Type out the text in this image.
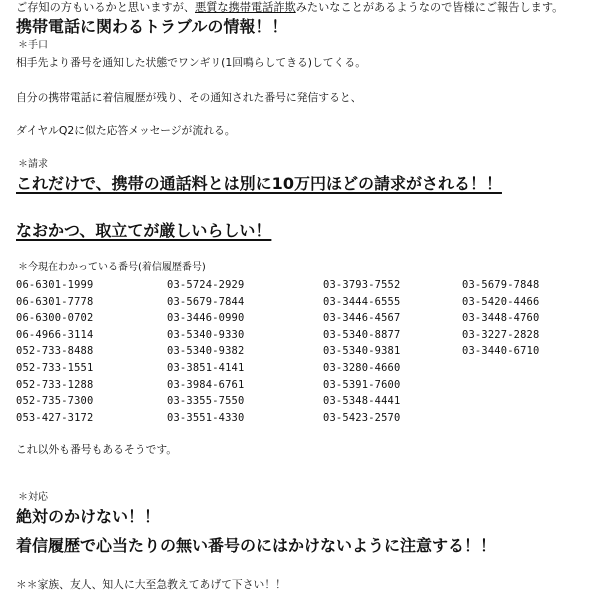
ご存知の方もいるかと思いますが、悪質な携帯電話詐欺みたいなことがあるようなので皆様にご報告します。
携帯電話に関わるトラブルの情報！！
＊手口
相手先より番号を通知した状態でワンギリ(1回鳴らしてきる)してくる。
自分の携帯電話に着信履歴が残り、その通知された番号に発信すると、
ダイヤルQ2に似た応答メッセージが流れる。
＊請求
これだけで、携帯の通話料とは別に10万円ほどの請求がされる！！
なおかつ、取立てが厳しいらしい！
＊今現在わかっている番号(着信履歴番号)
06-6301-1999
06-6301-7778
06-6300-0702
06-4966-3114
052-733-8488
052-733-1551
052-733-1288
052-735-7300
053-427-3172
03-5724-2929
03-5679-7844
03-3446-0990
03-5340-9330
03-5340-9382
03-3851-4141
03-3984-6761
03-3355-7550
03-3551-4330
03-3793-7552
03-3444-6555
03-3446-4567
03-5340-8877
03-5340-9381
03-3280-4660
03-5391-7600
03-5348-4441
03-5423-2570
03-5679-7848
03-5420-4466
03-3448-4760
03-3227-2828
03-3440-6710
これ以外も番号もあるそうです。
＊対応
絶対のかけない！！
着信履歴で心当たりの無い番号のにはかけないように注意する！！
＊＊家族、友人、知人に大至急教えてあげて下さい！！
